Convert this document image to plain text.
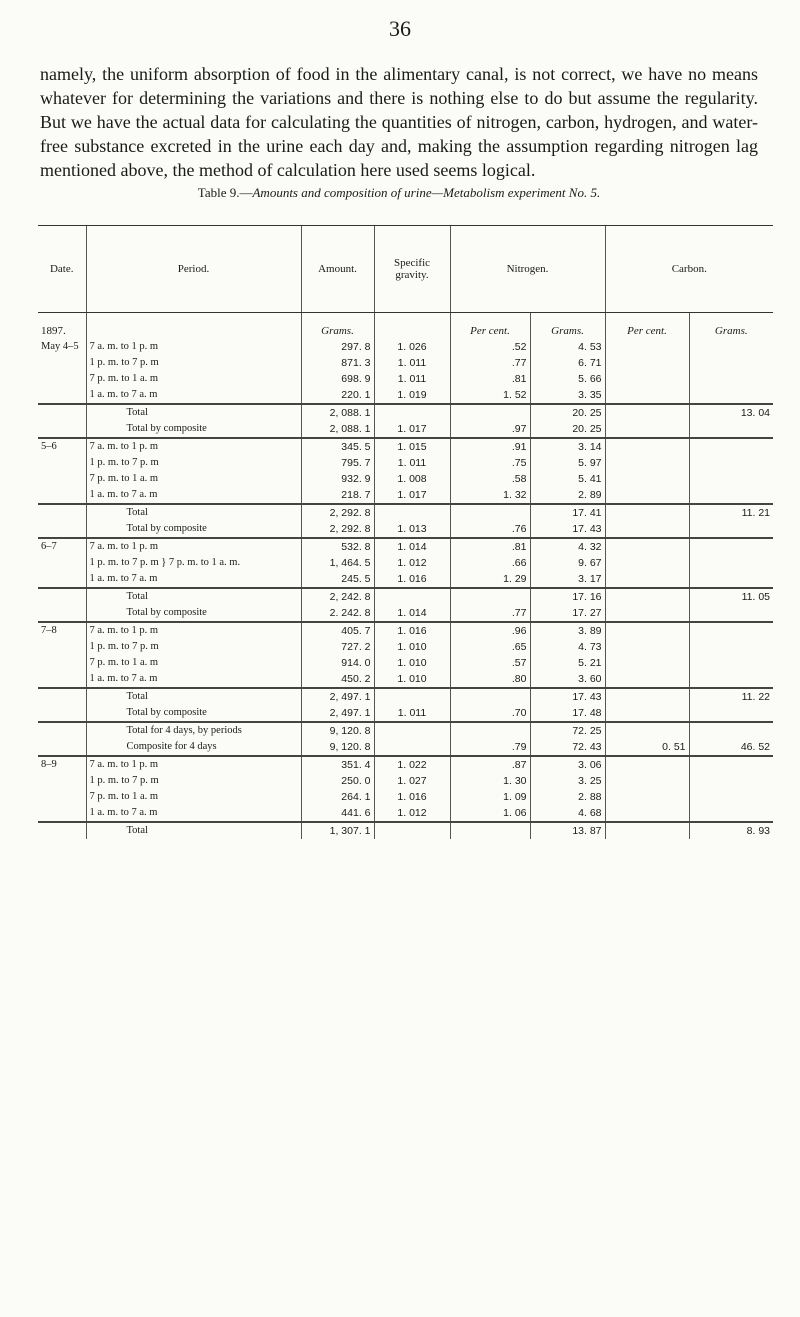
36
namely, the uniform absorption of food in the alimentary canal, is not correct, we have no means whatever for determining the variations and there is nothing else to do but assume the regularity. But we have the actual data for calculating the quantities of nitrogen, carbon, hydrogen, and water-free substance excreted in the urine each day and, making the assumption regarding nitrogen lag mentioned above, the method of calculation here used seems logical.
Table 9.—Amounts and composition of urine—Metabolism experiment No. 5.
Date.	Period.	Amount.	Specific gravity.	Nitrogen.		Carbon.	
1897.		Grams.		Per cent.	Grams.	Per cent.	Grams.
May 4–5	7 a. m. to 1 p. m	297. 8	1. 026	.52	4. 53		
	1 p. m. to 7 p. m	871. 3	1. 011	.77	6. 71		
	7 p. m. to 1 a. m	698. 9	1. 011	.81	5. 66		
	1 a. m. to 7 a. m	220. 1	1. 019	1. 52	3. 35		
	Total	2, 088. 1			20. 25		13. 04
	Total by composite	2, 088. 1	1. 017	.97	20. 25		
5–6	7 a. m. to 1 p. m	345. 5	1. 015	.91	3. 14		
	1 p. m. to 7 p. m	795. 7	1. 011	.75	5. 97		
	7 p. m. to 1 a. m	932. 9	1. 008	.58	5. 41		
	1 a. m. to 7 a. m	218. 7	1. 017	1. 32	2. 89		
	Total	2, 292. 8			17. 41		11. 21
	Total by composite	2, 292. 8	1. 013	.76	17. 43		
6–7	7 a. m. to 1 p. m	532. 8	1. 014	.81	4. 32		
	1 p. m. to 7 p. m } 7 p. m. to 1 a. m.	1, 464. 5	1. 012	.66	9. 67		
	1 a. m. to 7 a. m	245. 5	1. 016	1. 29	3. 17		
	Total	2, 242. 8			17. 16		11. 05
	Total by composite	2. 242. 8	1. 014	.77	17. 27		
7–8	7 a. m. to 1 p. m	405. 7	1. 016	.96	3. 89		
	1 p. m. to 7 p. m	727. 2	1. 010	.65	4. 73		
	7 p. m. to 1 a. m	914. 0	1. 010	.57	5. 21		
	1 a. m. to 7 a. m	450. 2	1. 010	.80	3. 60		
	Total	2, 497. 1			17. 43		11. 22
	Total by composite	2, 497. 1	1. 011	.70	17. 48		
	Total for 4 days, by periods	9, 120. 8			72. 25		
	Composite for 4 days	9, 120. 8		.79	72. 43	0. 51	46. 52
8–9	7 a. m. to 1 p. m	351. 4	1. 022	.87	3. 06		
	1 p. m. to 7 p. m	250. 0	1. 027	1. 30	3. 25		
	7 p. m. to 1 a. m	264. 1	1. 016	1. 09	2. 88		
	1 a. m. to 7 a. m	441. 6	1. 012	1. 06	4. 68		
	Total	1, 307. 1			13. 87		8. 93
